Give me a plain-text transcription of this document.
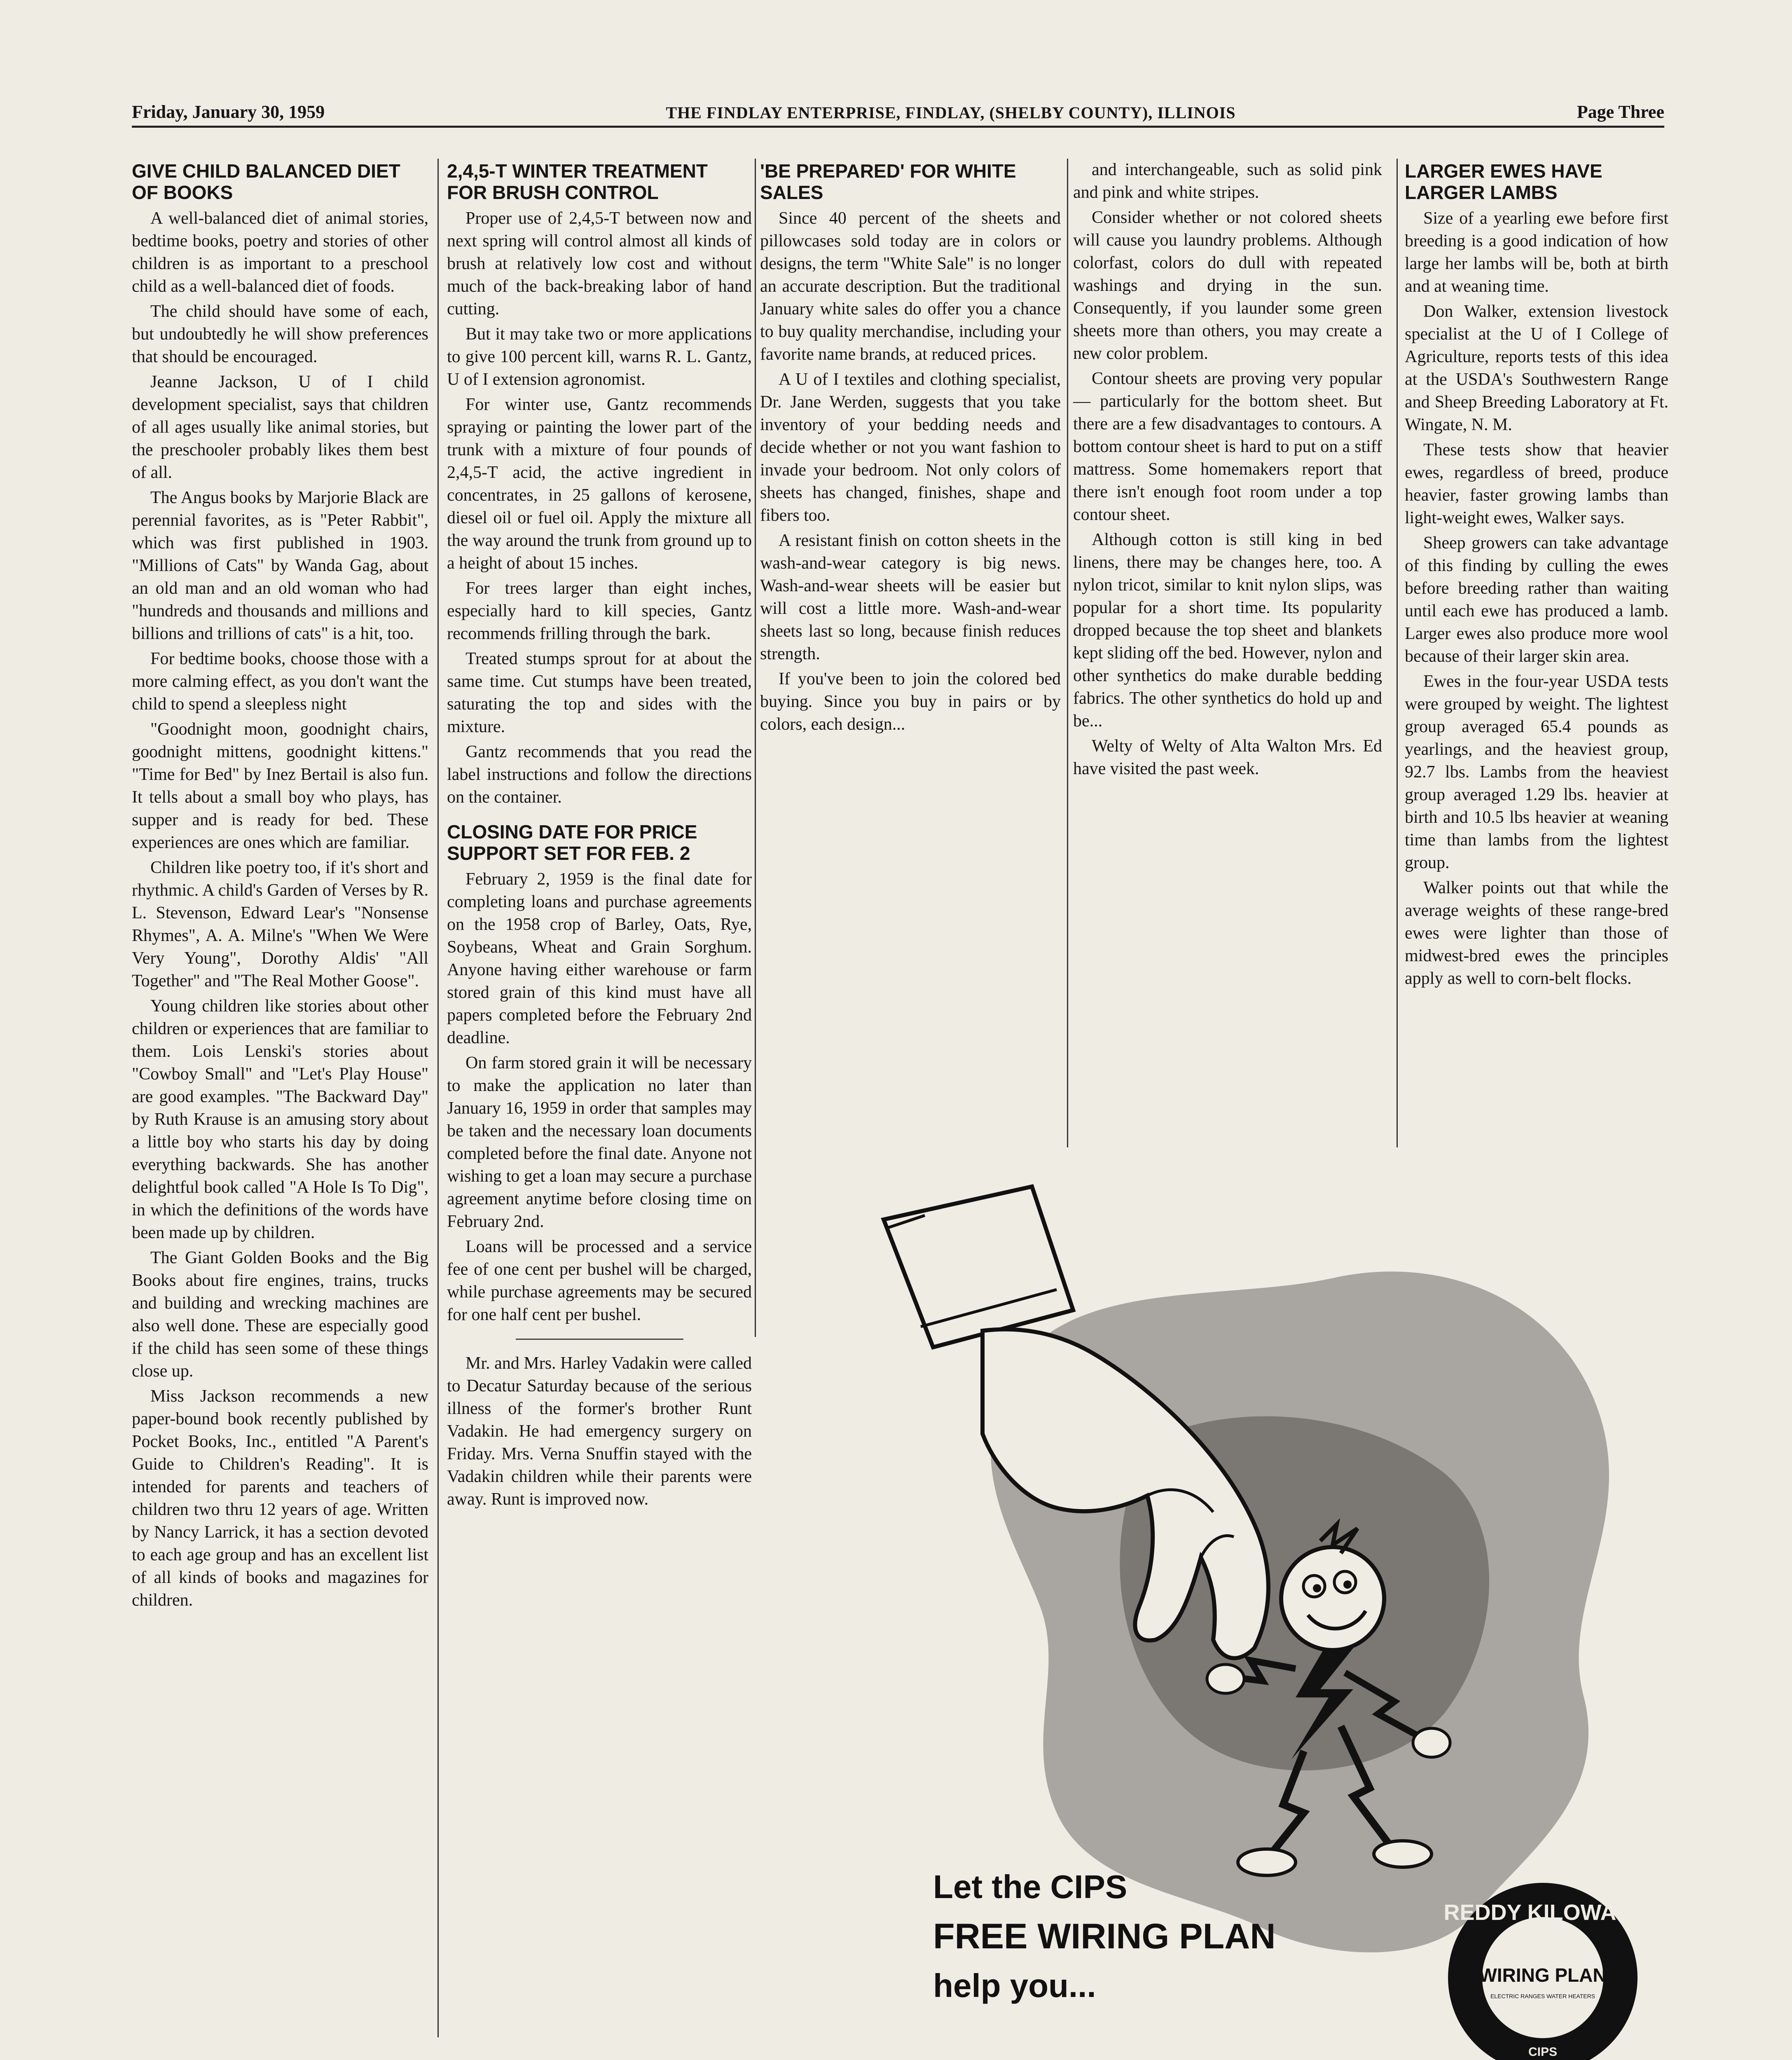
Friday, January 30, 1959	THE FINDLAY ENTERPRISE, FINDLAY, (SHELBY COUNTY), ILLINOIS	Page Three
GIVE CHILD BALANCED DIET OF BOOKS

A well-balanced diet of animal stories, bedtime books, poetry and stories of other children is as important to a preschool child as a well-balanced diet of foods.

The child should have some of each, but undoubtedly he will show preferences that should be encouraged.

Jeanne Jackson, U of I child development specialist, says that children of all ages usually like animal stories, but the preschooler probably likes them best of all.

The Angus books by Marjorie Black are perennial favorites, as is "Peter Rabbit", which was first published in 1903. "Millions of Cats" by Wanda Gag, about an old man and an old woman who had "hundreds and thousands and millions and billions and trillions of cats" is a hit, too.

For bedtime books, choose those with a more calming effect, as you don't want the child to spend a sleepless night

"Goodnight moon, goodnight chairs, goodnight mittens, goodnight kittens." "Time for Bed" by Inez Bertail is also fun. It tells about a small boy who plays, has supper and is ready for bed. These experiences are ones which are familiar.

Children like poetry too, if it's short and rhythmic. A child's Garden of Verses by R. L. Stevenson, Edward Lear's "Nonsense Rhymes", A. A. Milne's "When We Were Very Young", Dorothy Aldis' "All Together" and "The Real Mother Goose".

Young children like stories about other children or experiences that are familiar to them. Lois Lenski's stories about "Cowboy Small" and "Let's Play House" are good examples. "The Backward Day" by Ruth Krause is an amusing story about a little boy who starts his day by doing everything backwards. She has another delightful book called "A Hole Is To Dig", in which the definitions of the words have been made up by children.

The Giant Golden Books and the Big Books about fire engines, trains, trucks and building and wrecking machines are also well done. These are especially good if the child has seen some of these things close up.

Miss Jackson recommends a new paper-bound book recently published by Pocket Books, Inc., entitled "A Parent's Guide to Children's Reading". It is intended for parents and teachers of children two thru 12 years of age. Written by Nancy Larrick, it has a section devoted to each age group and has an excellent list of all kinds of books and magazines for children.

2,4,5-T WINTER TREATMENT FOR BRUSH CONTROL

Proper use of 2,4,5-T between now and next spring will control almost all kinds of brush at relatively low cost and without much of the back-breaking labor of hand cutting.

But it may take two or more applications to give 100 percent kill, warns R. L. Gantz, U of I extension agronomist.

For winter use, Gantz recommends spraying or painting the lower part of the trunk with a mixture of four pounds of 2,4,5-T acid, the active ingredient in concentrates, in 25 gallons of kerosene, diesel oil or fuel oil. Apply the mixture all the way around the trunk from ground up to a height of about 15 inches.

For trees larger than eight inches, especially hard to kill species, Gantz recommends frilling through the bark.

Treated stumps sprout for at about the same time. Cut stumps have been treated, saturating the top and sides with the mixture.

Gantz recommends that you read the label instructions and follow the directions on the container.

CLOSING DATE FOR PRICE SUPPORT SET FOR FEB. 2

February 2, 1959 is the final date for completing loans and purchase agreements on the 1958 crop of Barley, Oats, Rye, Soybeans, Wheat and Grain Sorghum. Anyone having either warehouse or farm stored grain of this kind must have all papers completed before the February 2nd deadline.

On farm stored grain it will be necessary to make the application no later than January 16, 1959 in order that samples may be taken and the necessary loan documents completed before the final date. Anyone not wishing to get a loan may secure a purchase agreement anytime before closing time on February 2nd.

Loans will be processed and a service fee of one cent per bushel will be charged, while purchase agreements may be secured for one half cent per bushel.

Mr. and Mrs. Harley Vadakin were called to Decatur Saturday because of the serious illness of the former's brother Runt Vadakin. He had emergency surgery on Friday. Mrs. Verna Snuffin stayed with the Vadakin children while their parents were away. Runt is improved now.

'BE PREPARED' FOR WHITE SALES

Since 40 percent of the sheets and pillowcases sold today are in colors or designs, the term "White Sale" is no longer an accurate description. But the traditional January white sales do offer you a chance to buy quality merchandise, including your favorite name brands, at reduced prices.

A U of I textiles and clothing specialist, Dr. Jane Werden, suggests that you take inventory of your bedding needs and decide whether or not you want fashion to invade your bedroom. Not only colors of sheets has changed, finishes, shape and fibers too.

A resistant finish on cotton sheets in the wash-and-wear category is big news. Wash-and-wear sheets will be easier but will cost a little more. Wash-and-wear sheets last so long, because finish reduces strength.

If you've been to join the colored bed buying. Since you buy in pairs or by colors, each design...

and interchangeable, such as solid pink and pink and white stripes.

Consider whether or not colored sheets will cause you laundry problems. Although colorfast, colors do dull with repeated washings and drying in the sun. Consequently, if you launder some green sheets more than others, you may create a new color problem.

Contour sheets are proving very popular — particularly for the bottom sheet. But there are a few disadvantages to contours. A bottom contour sheet is hard to put on a stiff mattress. Some homemakers report that there isn't enough foot room under a top contour sheet.

Although cotton is still king in bed linens, there may be changes here, too. A nylon tricot, similar to knit nylon slips, was popular for a short time. Its popularity dropped because the top sheet and blankets kept sliding off the bed. However, nylon and other synthetics do make durable bedding fabrics. The other synthetics do hold up and be...

Welty of Welty of Alta Walton Mrs. Ed have visited the past week.

LARGER EWES HAVE LARGER LAMBS

Size of a yearling ewe before first breeding is a good indication of how large her lambs will be, both at birth and at weaning time.

Don Walker, extension livestock specialist at the U of I College of Agriculture, reports tests of this idea at the USDA's Southwestern Range and Sheep Breeding Laboratory at Ft. Wingate, N. M.

These tests show that heavier ewes, regardless of breed, produce heavier, faster growing lambs than light-weight ewes, Walker says.

Sheep growers can take advantage of this finding by culling the ewes before breeding rather than waiting until each ewe has produced a lamb. Larger ewes also produce more wool because of their larger skin area.

Ewes in the four-year USDA tests were grouped by weight. The lightest group averaged 65.4 pounds as yearlings, and the heaviest group, 92.7 lbs. Lambs from the heaviest group averaged 1.29 lbs. heavier at birth and 10.5 lbs heavier at weaning time than lambs from the lightest group.

Walker points out that while the average weights of these range-bred ewes were lighter than those of midwest-bred ewes the principles apply as well to corn-belt flocks.

REDDY KILOWATT
WIRING PLAN
ELECTRIC RANGES WATER HEATERS
CIPS
Let the CIPS
FREE WIRING PLAN
help you...
